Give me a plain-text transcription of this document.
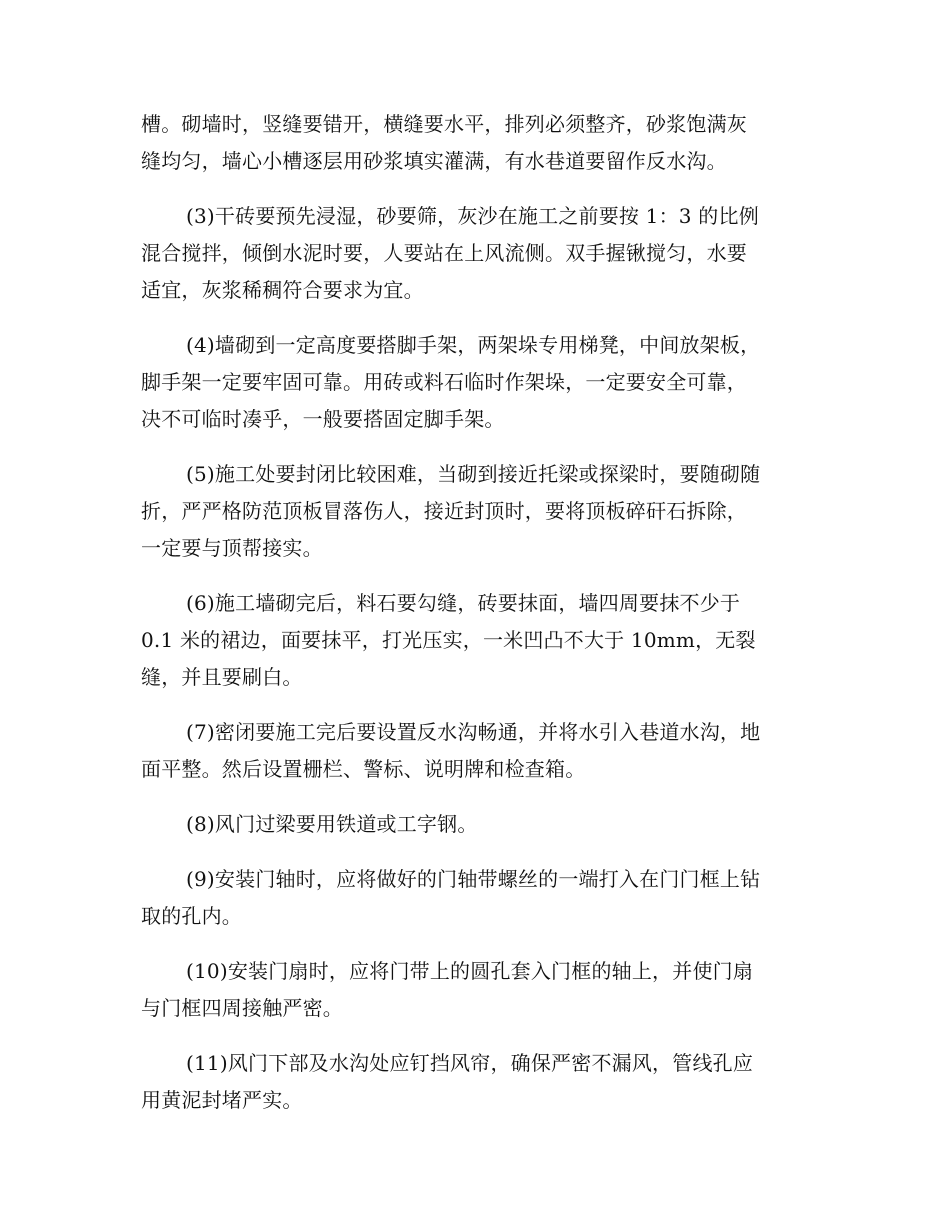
槽。砌墙时，竖缝要错开，横缝要水平，排列必须整齐，砂浆饱满灰
缝均匀，墙心小槽逐层用砂浆填实灌满，有水巷道要留作反水沟。
(3)干砖要预先浸湿，砂要筛，灰沙在施工之前要按 1：3 的比例
混合搅拌，倾倒水泥时要，人要站在上风流侧。双手握锹搅匀，水要
适宜，灰浆稀稠符合要求为宜。
(4)墙砌到一定高度要搭脚手架，两架垛专用梯凳，中间放架板，
脚手架一定要牢固可靠。用砖或料石临时作架垛，一定要安全可靠，
决不可临时凑乎，一般要搭固定脚手架。
(5)施工处要封闭比较困难，当砌到接近托梁或探梁时，要随砌随
折，严严格防范顶板冒落伤人，接近封顶时，要将顶板碎矸石拆除，
一定要与顶帮接实。
(6)施工墙砌完后，料石要勾缝，砖要抹面，墙四周要抹不少于
0.1 米的裙边，面要抹平，打光压实，一米凹凸不大于 10mm，无裂
缝，并且要刷白。
(7)密闭要施工完后要设置反水沟畅通，并将水引入巷道水沟，地
面平整。然后设置栅栏、警标、说明牌和检查箱。
(8)风门过梁要用铁道或工字钢。
(9)安装门轴时，应将做好的门轴带螺丝的一端打入在门门框上钻
取的孔内。
(10)安装门扇时，应将门带上的圆孔套入门框的轴上，并使门扇
与门框四周接触严密。
(11)风门下部及水沟处应钉挡风帘，确保严密不漏风，管线孔应
用黄泥封堵严实。
